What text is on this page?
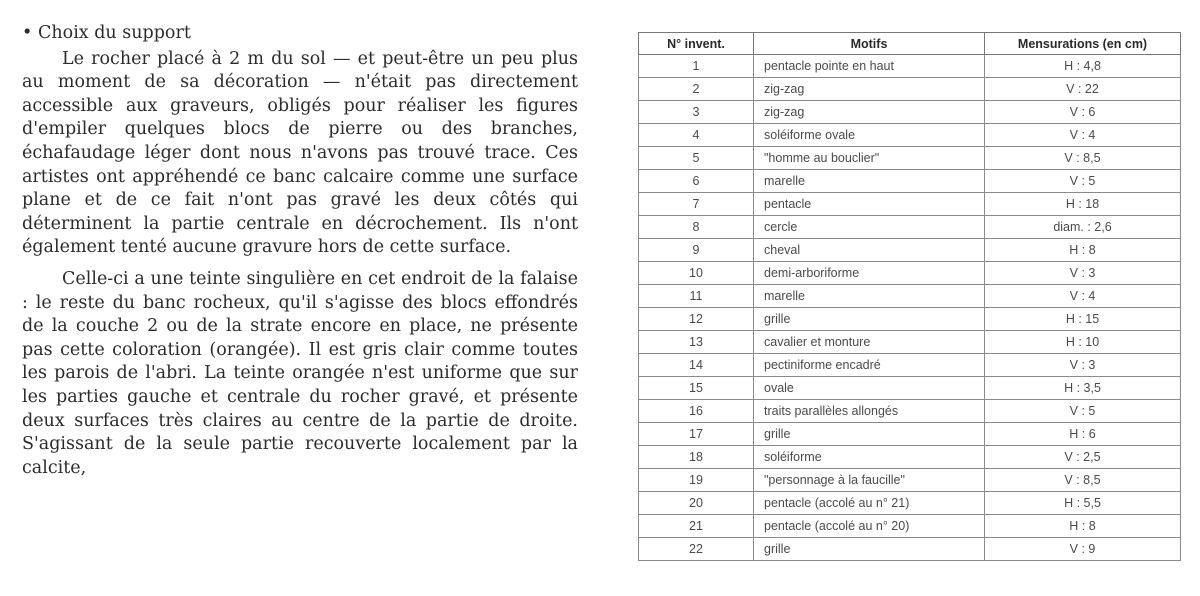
• Choix du support

Le rocher placé à 2 m du sol — et peut-être un peu plus au moment de sa décoration — n'était pas directement accessible aux graveurs, obligés pour réaliser les figures d'empiler quelques blocs de pierre ou des branches, échafaudage léger dont nous n'avons pas trouvé trace. Ces artistes ont appréhendé ce banc calcaire comme une surface plane et de ce fait n'ont pas gravé les deux côtés qui déterminent la partie centrale en décrochement. Ils n'ont également tenté aucune gravure hors de cette surface.

Celle-ci a une teinte singulière en cet endroit de la falaise : le reste du banc rocheux, qu'il s'agisse des blocs effondrés de la couche 2 ou de la strate encore en place, ne présente pas cette coloration (orangée). Il est gris clair comme toutes les parois de l'abri. La teinte orangée n'est uniforme que sur les parties gauche et centrale du rocher gravé, et présente deux surfaces très claires au centre de la partie de droite. S'agissant de la seule partie recouverte localement par la calcite,

N° invent.	Motifs	Mensurations (en cm)
1	pentacle pointe en haut	H : 4,8
2	zig-zag	V : 22
3	zig-zag	V : 6
4	soléiforme ovale	V : 4
5	"homme au bouclier"	V : 8,5
6	marelle	V : 5
7	pentacle	H : 18
8	cercle	diam. : 2,6
9	cheval	H : 8
10	demi-arboriforme	V : 3
11	marelle	V : 4
12	grille	H : 15
13	cavalier et monture	H : 10
14	pectiniforme encadré	V : 3
15	ovale	H : 3,5
16	traits parallèles allongés	V : 5
17	grille	H : 6
18	soléiforme	V : 2,5
19	"personnage à la faucille"	V : 8,5
20	pentacle (accolé au n° 21)	H : 5,5
21	pentacle (accolé au n° 20)	H : 8
22	grille	V : 9
